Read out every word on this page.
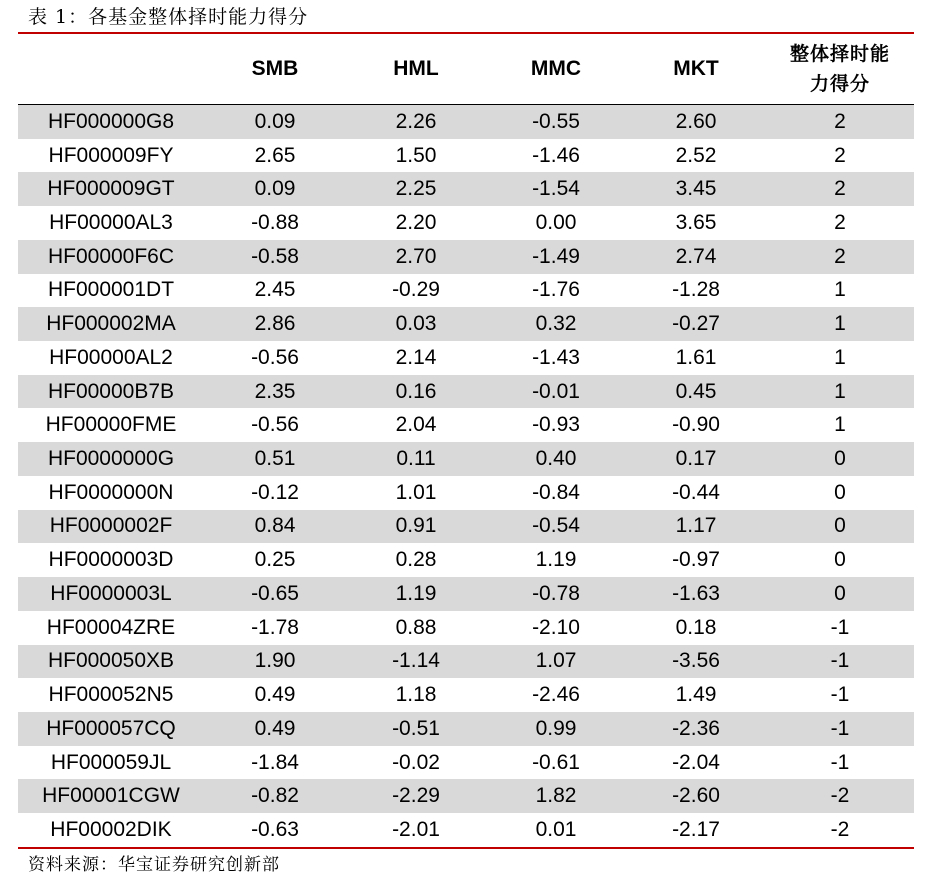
表 1：各基金整体择时能力得分
	SMB	HML	MMC	MKT	整体择时能
力得分
HF000000G8	0.09	2.26	-0.55	2.60	2
HF000009FY	2.65	1.50	-1.46	2.52	2
HF000009GT	0.09	2.25	-1.54	3.45	2
HF00000AL3	-0.88	2.20	0.00	3.65	2
HF00000F6C	-0.58	2.70	-1.49	2.74	2
HF000001DT	2.45	-0.29	-1.76	-1.28	1
HF000002MA	2.86	0.03	0.32	-0.27	1
HF00000AL2	-0.56	2.14	-1.43	1.61	1
HF00000B7B	2.35	0.16	-0.01	0.45	1
HF00000FME	-0.56	2.04	-0.93	-0.90	1
HF0000000G	0.51	0.11	0.40	0.17	0
HF0000000N	-0.12	1.01	-0.84	-0.44	0
HF0000002F	0.84	0.91	-0.54	1.17	0
HF0000003D	0.25	0.28	1.19	-0.97	0
HF0000003L	-0.65	1.19	-0.78	-1.63	0
HF00004ZRE	-1.78	0.88	-2.10	0.18	-1
HF000050XB	1.90	-1.14	1.07	-3.56	-1
HF000052N5	0.49	1.18	-2.46	1.49	-1
HF000057CQ	0.49	-0.51	0.99	-2.36	-1
HF000059JL	-1.84	-0.02	-0.61	-2.04	-1
HF00001CGW	-0.82	-2.29	1.82	-2.60	-2
HF00002DIK	-0.63	-2.01	0.01	-2.17	-2
资料来源：华宝证券研究创新部
